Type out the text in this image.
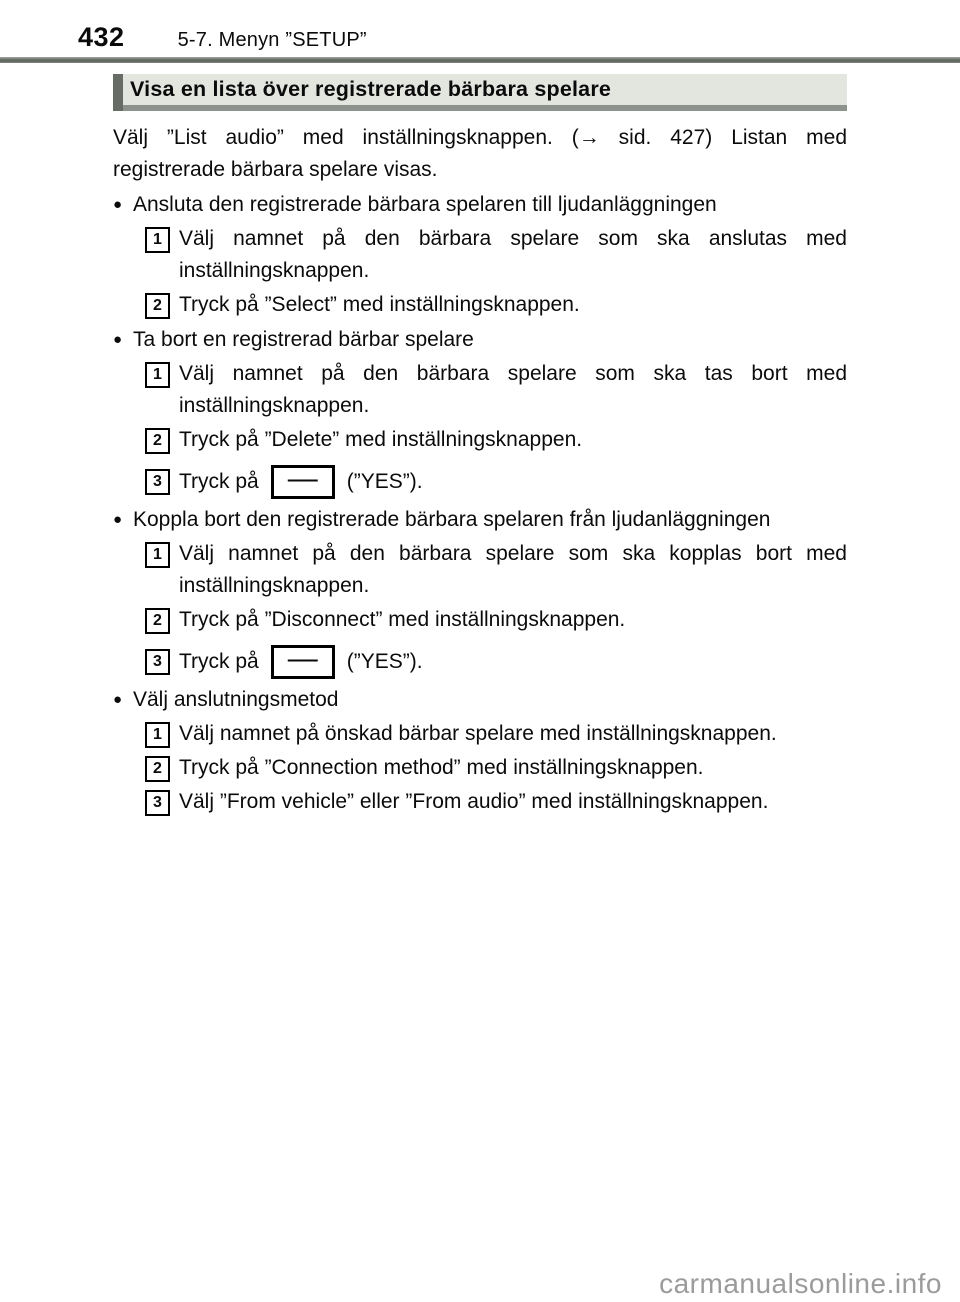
432	5-7. Menyn ”SETUP”
Visa en lista över registrerade bärbara spelare

Välj ”List audio” med inställningsknappen. (→ sid. 427) Listan med registrerade bärbara spelare visas.

● Ansluta den registrerade bärbara spelaren till ljudanläggningen
1 Välj namnet på den bärbara spelare som ska anslutas med inställningsknappen.
2 Tryck på ”Select” med inställningsknappen.
● Ta bort en registrerad bärbar spelare
1 Välj namnet på den bärbara spelare som ska tas bort med inställningsknappen.
2 Tryck på ”Delete” med inställningsknappen.
3 Tryck på — (”YES”).
● Koppla bort den registrerade bärbara spelaren från ljudanläggningen
1 Välj namnet på den bärbara spelare som ska kopplas bort med inställningsknappen.
2 Tryck på ”Disconnect” med inställningsknappen.
3 Tryck på — (”YES”).
● Välj anslutningsmetod
1 Välj namnet på önskad bärbar spelare med inställningsknappen.
2 Tryck på ”Connection method” med inställningsknappen.
3 Välj ”From vehicle” eller ”From audio” med inställningsknappen.
carmanualsonline.info
